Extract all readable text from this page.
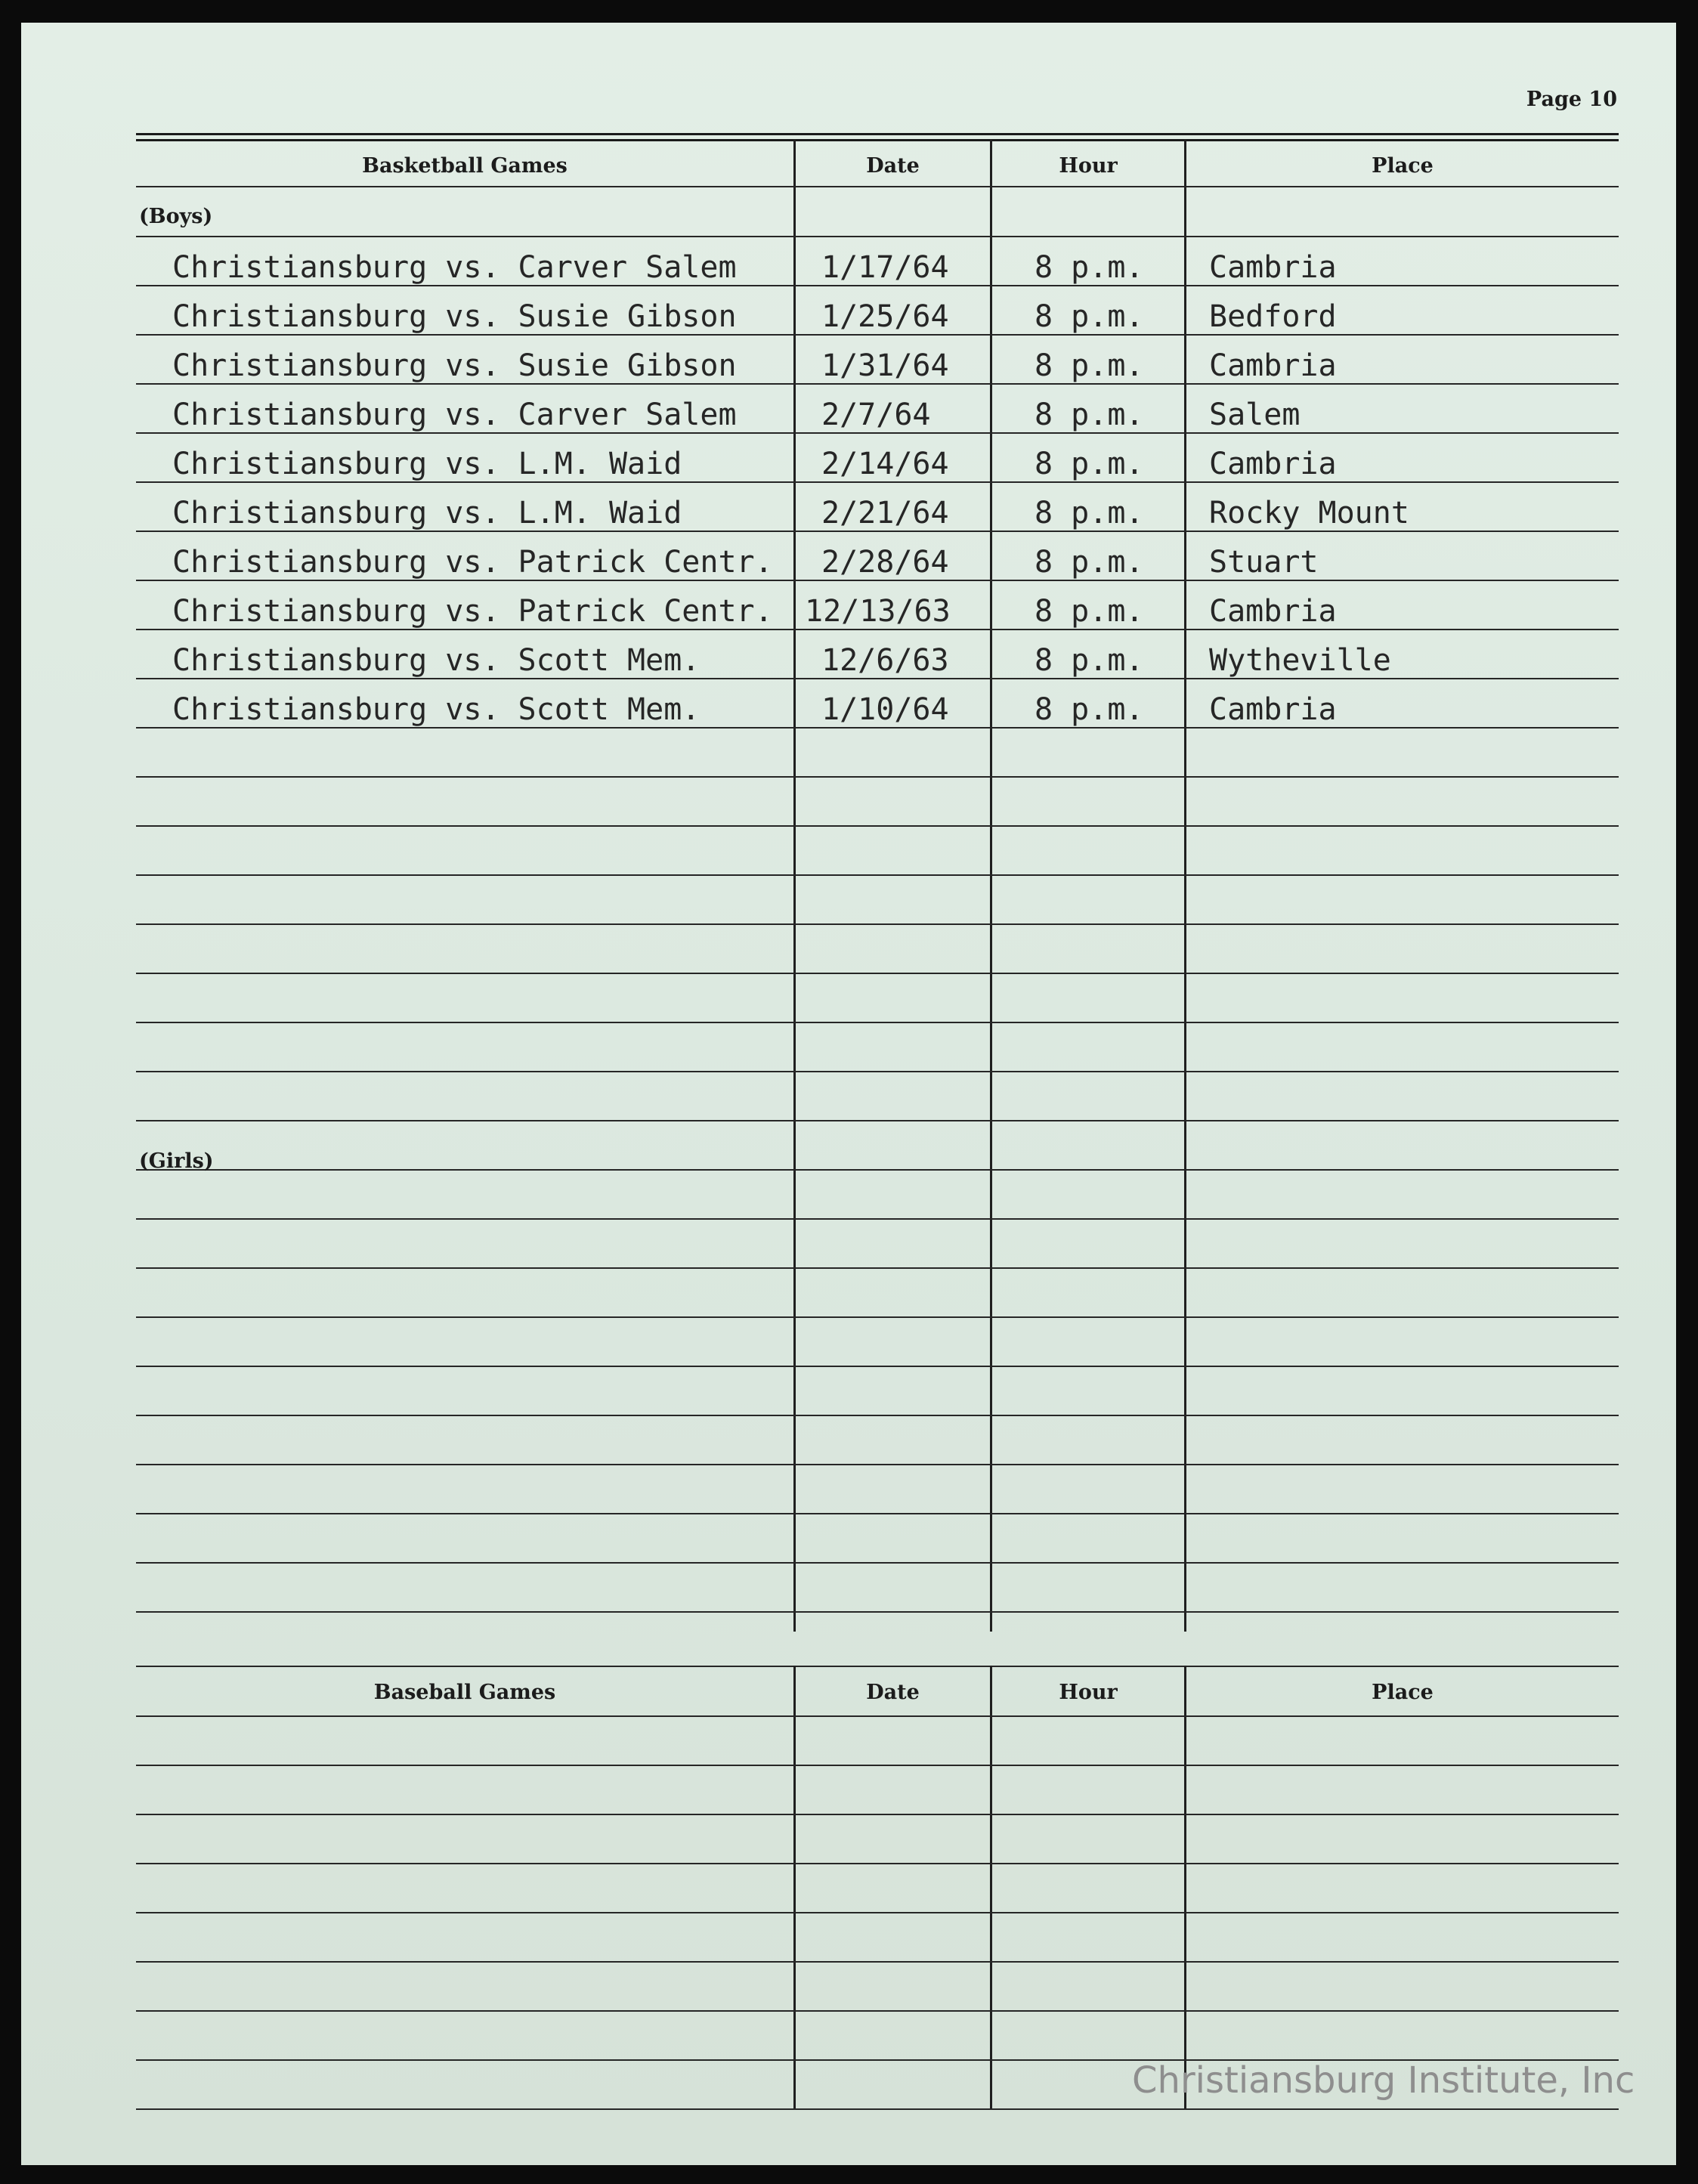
Page 10
Basketball Games	Date	Hour	Place
(Boys)
(Girls)
Christiansburg vs. Carver Salem	1/17/64	8 p.m.	Cambria
Christiansburg vs. Susie Gibson	1/25/64	8 p.m.	Bedford
Christiansburg vs. Susie Gibson	1/31/64	8 p.m.	Cambria
Christiansburg vs. Carver Salem	2/7/64	8 p.m.	Salem
Christiansburg vs. L.M. Waid	2/14/64	8 p.m.	Cambria
Christiansburg vs. L.M. Waid	2/21/64	8 p.m.	Rocky Mount
Christiansburg vs. Patrick Centr.	2/28/64	8 p.m.	Stuart
Christiansburg vs. Patrick Centr.	12/13/63	8 p.m.	Cambria
Christiansburg vs. Scott Mem.	12/6/63	8 p.m.	Wytheville
Christiansburg vs. Scott Mem.	1/10/64	8 p.m.	Cambria
Baseball Games	Date	Hour	Place
Christiansburg Institute, Inc
